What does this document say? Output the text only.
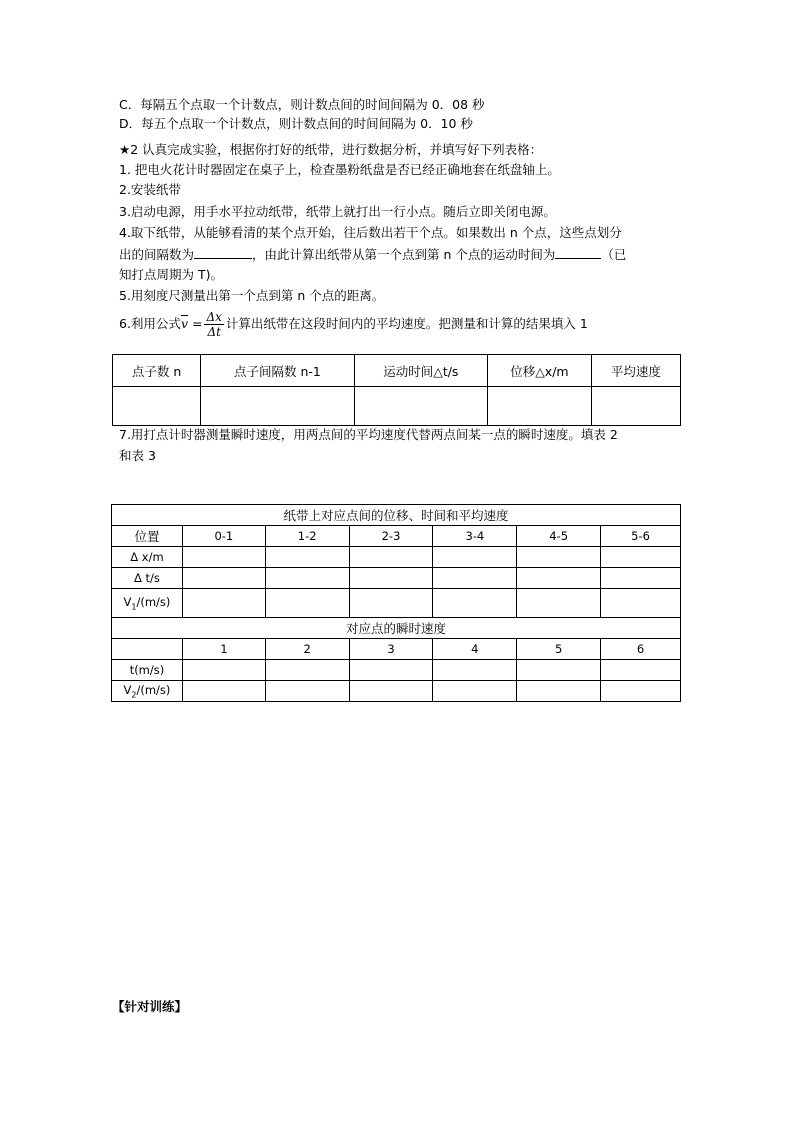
C．每隔五个点取一个计数点，则计数点间的时间间隔为 0．08 秒
D．每五个点取一个计数点，则计数点间的时间间隔为 0．10 秒
★2 认真完成实验，根据你打好的纸带，进行数据分析，并填写好下列表格：
1. 把电火花计时器固定在桌子上，检查墨粉纸盘是否已经正确地套在纸盘轴上。
2.安装纸带
3.启动电源，用手水平拉动纸带，纸带上就打出一行小点。随后立即关闭电源。
4.取下纸带，从能够看清的某个点开始，往后数出若干个点。如果数出 n 个点，这些点划分
出的间隔数为	，由此计算出纸带从第一个点到第 n 个点的运动时间为	（已
知打点周期为 T)。
5.用刻度尺测量出第一个点到第 n 个点的距离。
6.利用公式$\overline{v} = \frac{\Delta x}{\Delta t}$ 计算出纸带在这段时间内的平均速度。把测量和计算的结果填入 1
点子数 n	点子间隔数 n-1	运动时间△t/s	位移△x/m	平均速度

7.用打点计时器测量瞬时速度，用两点间的平均速度代替两点间某一点的瞬时速度。填表 2
和表 3
纸带上对应点间的位移、时间和平均速度						
位置	0-1	1-2	2-3	3-4	4-5	5-6
Δ x/m						
Δ t/s						
$V_1/(m/s)$						
对应点的瞬时速度						
	1	2	3	4	5	6
t(m/s)						
$V_2/(m/s)$						
【针对训练】
